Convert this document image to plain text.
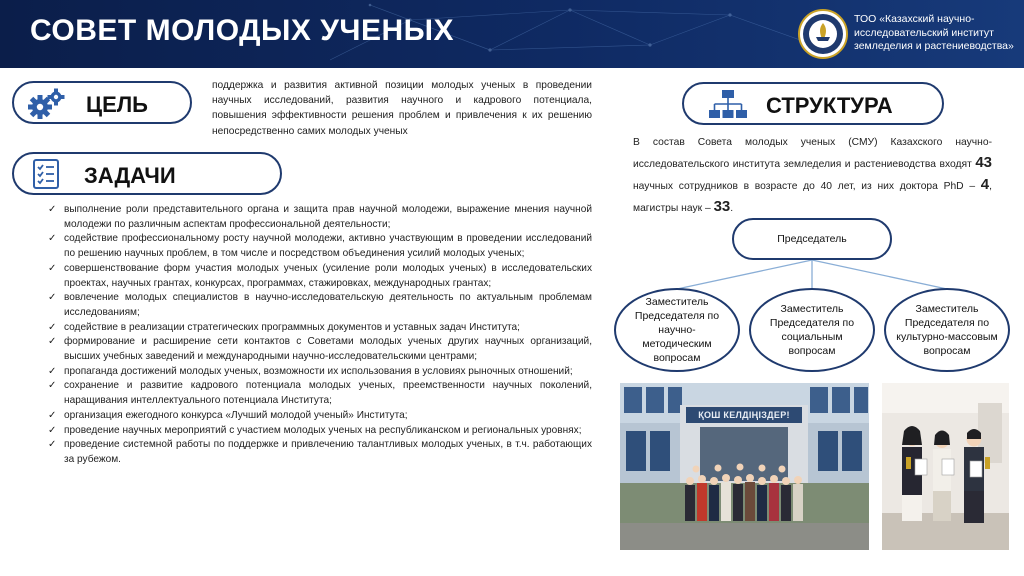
СОВЕТ МОЛОДЫХ УЧЕНЫХ	ТОО «Казахский научно-исследовательский институт земледелия и растениеводства»
ЦЕЛЬ
поддержка и развития активной позиции молодых ученых в проведении научных исследований, развития научного и кадрового потенциала, повышения эффективности решения проблем и привлечения к их решению непосредственно самих молодых ученых
ЗАДАЧИ
✓ выполнение роли представительного органа и защита прав научной молодежи, выражение мнения научной молодежи по различным аспектам профессиональной деятельности;
✓ содействие профессиональному росту научной молодежи, активно участвующим в проведении исследований по решению научных проблем, в том числе и посредством объединения усилий молодых ученых;
✓ совершенствование форм участия молодых ученых (усиление роли молодых ученых) в исследовательских проектах, научных грантах, конкурсах, программах, стажировках, международных грантах;
✓ вовлечение молодых специалистов в научно-исследовательскую деятельность по актуальным проблемам исследованиям;
✓ содействие в реализации стратегических программных документов и уставных задач Института;
✓ формирование и расширение сети контактов с Советами молодых ученых других научных организаций, высших учебных заведений и международными научно-исследовательскими центрами;
✓ пропаганда достижений молодых ученых, возможности их использования в условиях рыночных отношений;
✓ сохранение и развитие кадрового потенциала молодых ученых, преемственности научных поколений, наращивания интеллектуального потенциала Института;
✓ организация ежегодного конкурса «Лучший молодой ученый» Института;
✓ проведение научных мероприятий с участием молодых ученых на республиканском и региональных уровнях;
✓ проведение системной работы по поддержке и привлечению талантливых молодых ученых, в т.ч. работающих за рубежом.
СТРУКТУРА
В состав Совета молодых ученых (СМУ) Казахского научно-исследовательского института земледелия и растениеводства входят 43 научных сотрудников в возрасте до 40 лет, из них доктора PhD – 4, магистры наук – 33.
Председатель
Заместитель Председателя по научно-методическим вопросам
Заместитель Председателя по социальным вопросам
Заместитель Председателя по культурно-массовым вопросам
ҚОШ КЕЛДІҢІЗДЕР!
